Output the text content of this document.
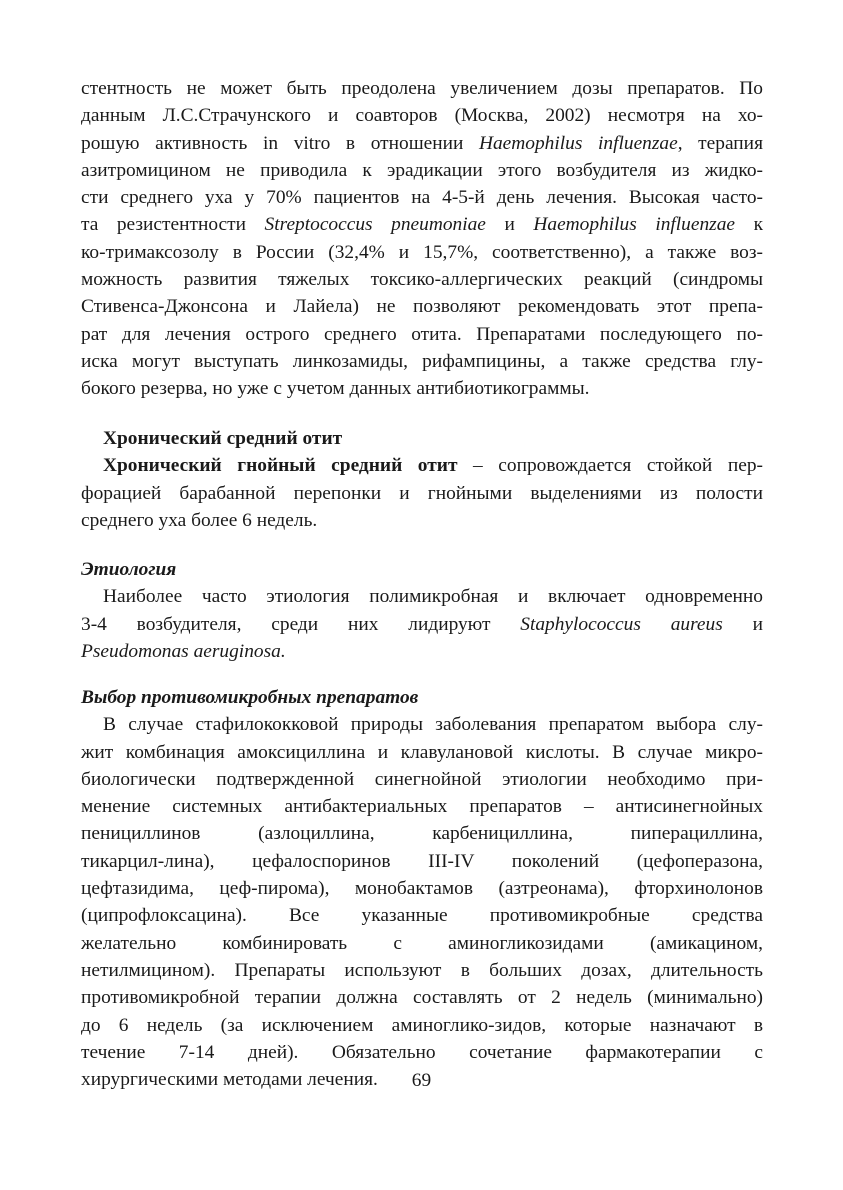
стентность не может быть преодолена увеличением дозы препаратов. По
данным Л.С.Страчунского и соавторов (Москва, 2002) несмотря на хо-
рошую активность in vitro в отношении Haemophilus influenzae, терапия
азитромицином не приводила к эрадикации этого возбудителя из жидко-
сти среднего уха у 70% пациентов на 4-5-й день лечения. Высокая часто-
та резистентности Streptococcus pneumoniae и Haemophilus influenzae к
ко-тримаксозолу в России (32,4% и 15,7%, соответственно), а также воз-
можность развития тяжелых токсико-аллергических реакций (синдромы
Стивенса-Джонсона и Лайела) не позволяют рекомендовать этот препа-
рат для лечения острого среднего отита. Препаратами последующего по-
иска могут выступать линкозамиды, рифампицины, а также средства глу-
бокого резерва, но уже с учетом данных антибиотикограммы.
Хронический средний отит
Хронический гнойный средний отит – сопровождается стойкой пер-
форацией барабанной перепонки и гнойными выделениями из полости
среднего уха более 6 недель.
Этиология
Наиболее часто этиология полимикробная и включает одновременно
3-4 возбудителя, среди них лидируют Staphylococcus aureus и
Pseudomonas aeruginosa.
Выбор противомикробных препаратов
В случае стафилококковой природы заболевания препаратом выбора слу-
жит комбинация амоксициллина и клавулановой кислоты. В случае микро-
биологически подтвержденной синегнойной этиологии необходимо при-
менение системных антибактериальных препаратов – антисинегнойных
пенициллинов (азлоциллина, карбенициллина, пиперациллина,
тикарцил-лина), цефалоспоринов III-IV поколений (цефоперазона,
цефтазидима, цеф-пирома), монобактамов (азтреонама), фторхинолонов
(ципрофлоксацина). Все указанные противомикробные средства
желательно комбинировать с аминогликозидами (амикацином,
нетилмицином). Препараты используют в больших дозах, длительность
противомикробной терапии должна составлять от 2 недель (минимально)
до 6 недель (за исключением аминоглико-зидов, которые назначают в
течение 7-14 дней). Обязательно сочетание фармакотерапии с
хирургическими методами лечения.	69
